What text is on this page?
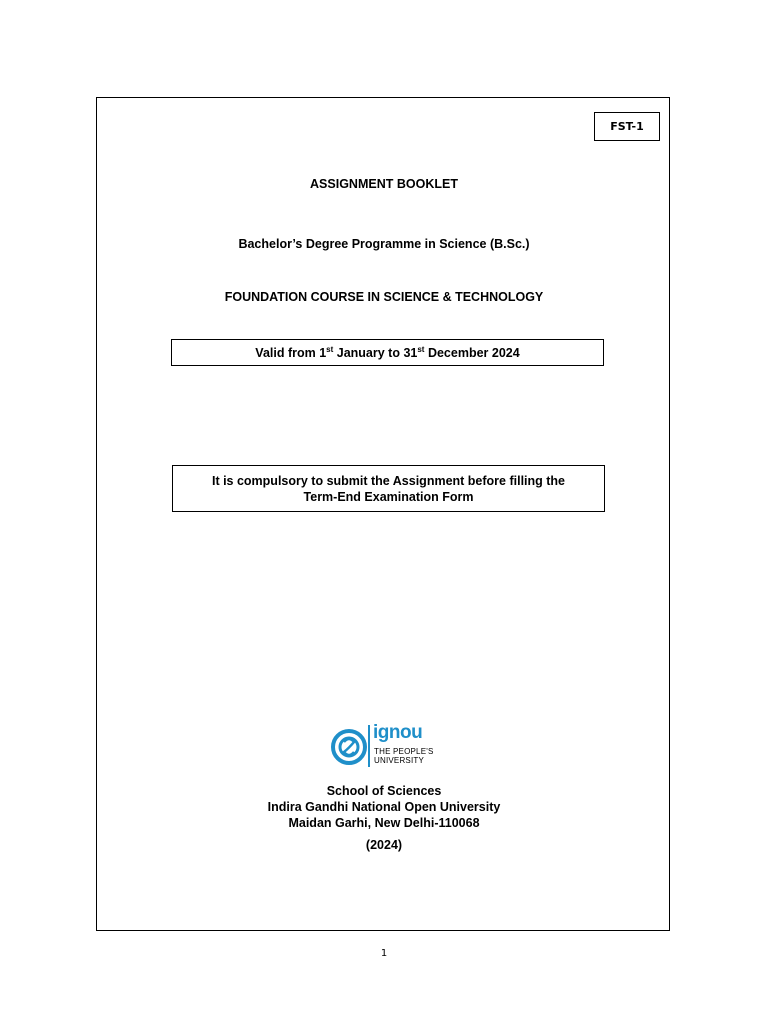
FST-1
ASSIGNMENT BOOKLET
Bachelor’s Degree Programme in Science (B.Sc.)
FOUNDATION COURSE IN SCIENCE & TECHNOLOGY
Valid from 1st January to 31st December 2024
It is compulsory to submit the Assignment before filling the
Term-End Examination Form
ignou
THE PEOPLE'S
UNIVERSITY
School of Sciences
Indira Gandhi National Open University
Maidan Garhi, New Delhi-110068
(2024)
1
